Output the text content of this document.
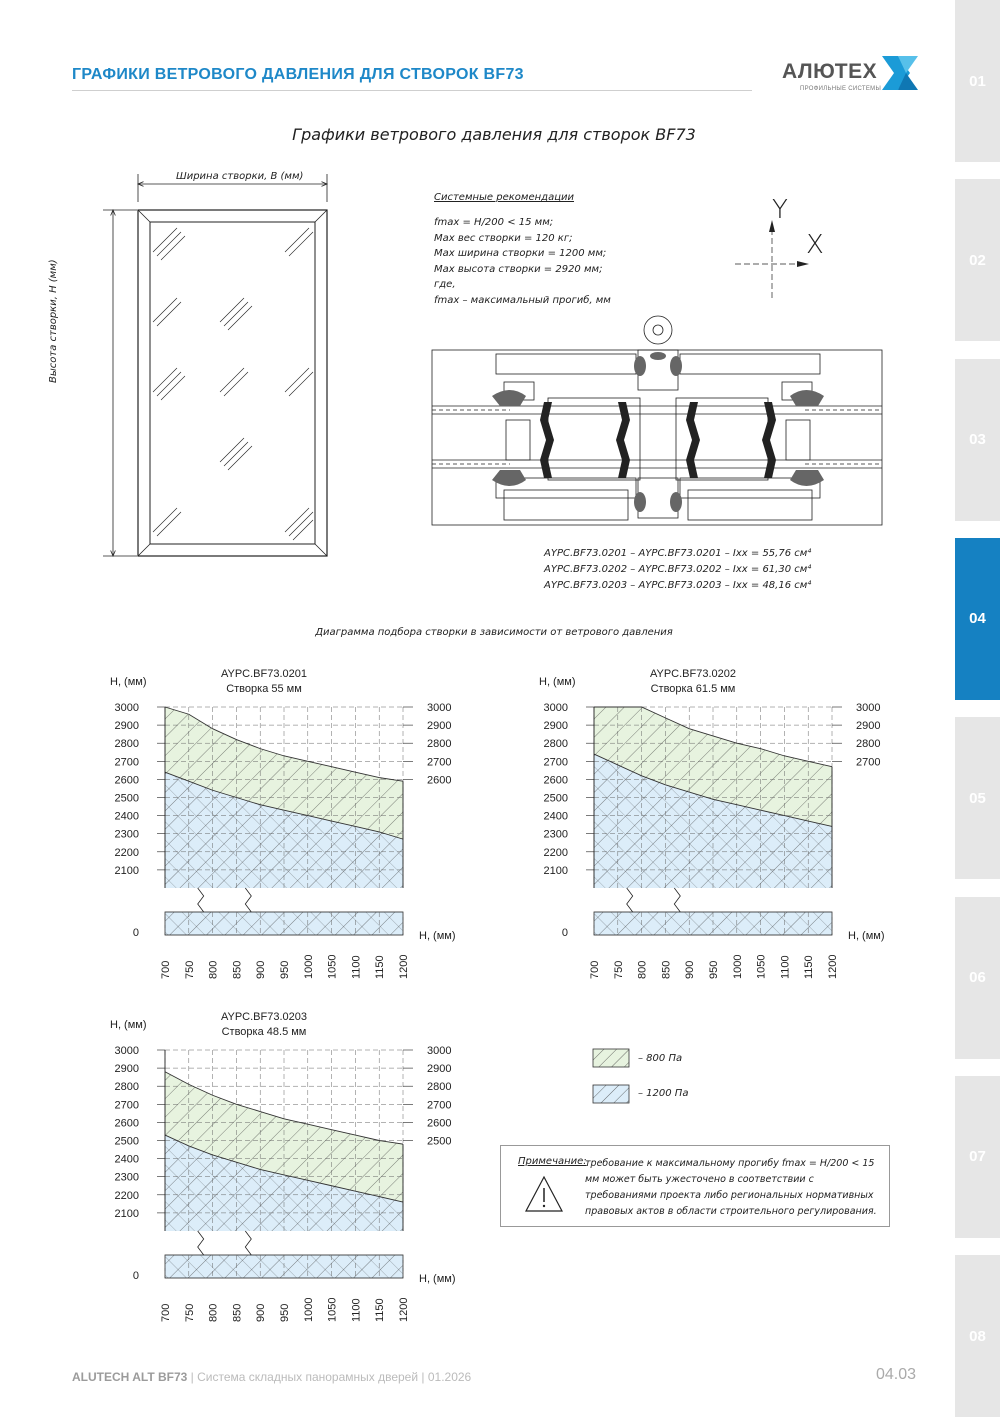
ГРАФИКИ ВЕТРОВОГО ДАВЛЕНИЯ ДЛЯ СТВОРОК BF73	АЛЮТЕХ
ПРОФИЛЬНЫЕ СИСТЕМЫ	01
02
03
04
05
06
07
08
Графики ветрового давления для створок BF73
Ширина створки, В (мм)
Высота створки, Н (мм)
Системные рекомендации
fmax = H/200 < 15 мм;
Max вес створки = 120 кг;
Max ширина створки = 1200 мм;
Max высота створки = 2920 мм;
где,
fmax – максимальный прогиб, мм
Y
X
AYPC.BF73.0201 – AYPC.BF73.0201 – Ixx = 55,76 см⁴
AYPC.BF73.0202 – AYPC.BF73.0202 – Ixx = 61,30 см⁴
AYPC.BF73.0203 – AYPC.BF73.0203 – Ixx = 48,16 см⁴
Диаграмма подбора створки в зависимости от ветрового давления
AYPC.BF73.0201
Створка 55 мм
H, (мм)
3000
2900
2800
2700
2600
2500
2400
2300
2200
2100
0
3000
2900
2800
2700
2600
H, (мм)
700 750 800 850 900 950 1000 1050 1100 1150 1200
AYPC.BF73.0202
Створка 61.5 мм
H, (мм)
3000
2900
2800
2700
2600
2500
2400
2300
2200
2100
0
3000
2900
2800
2700
H, (мм)
700 750 800 850 900 950 1000 1050 1100 1150 1200
AYPC.BF73.0203
Створка 48.5 мм
H, (мм)
3000
2900
2800
2700
2600
2500
2400
2300
2200
2100
0
3000
2900
2800
2700
2600
2500
H, (мм)
700 750 800 850 900 950 1000 1050 1100 1150 1200
– 800 Па
– 1200 Па
Примечание:
требование к максимальному прогибу fmax = H/200 < 15 мм может быть ужесточено в соответствии с требованиями проекта либо региональных нормативных правовых актов в области строительного регулирования.
ALUTECH ALT BF73 | Система складных панорамных дверей | 01.2026	04.03
